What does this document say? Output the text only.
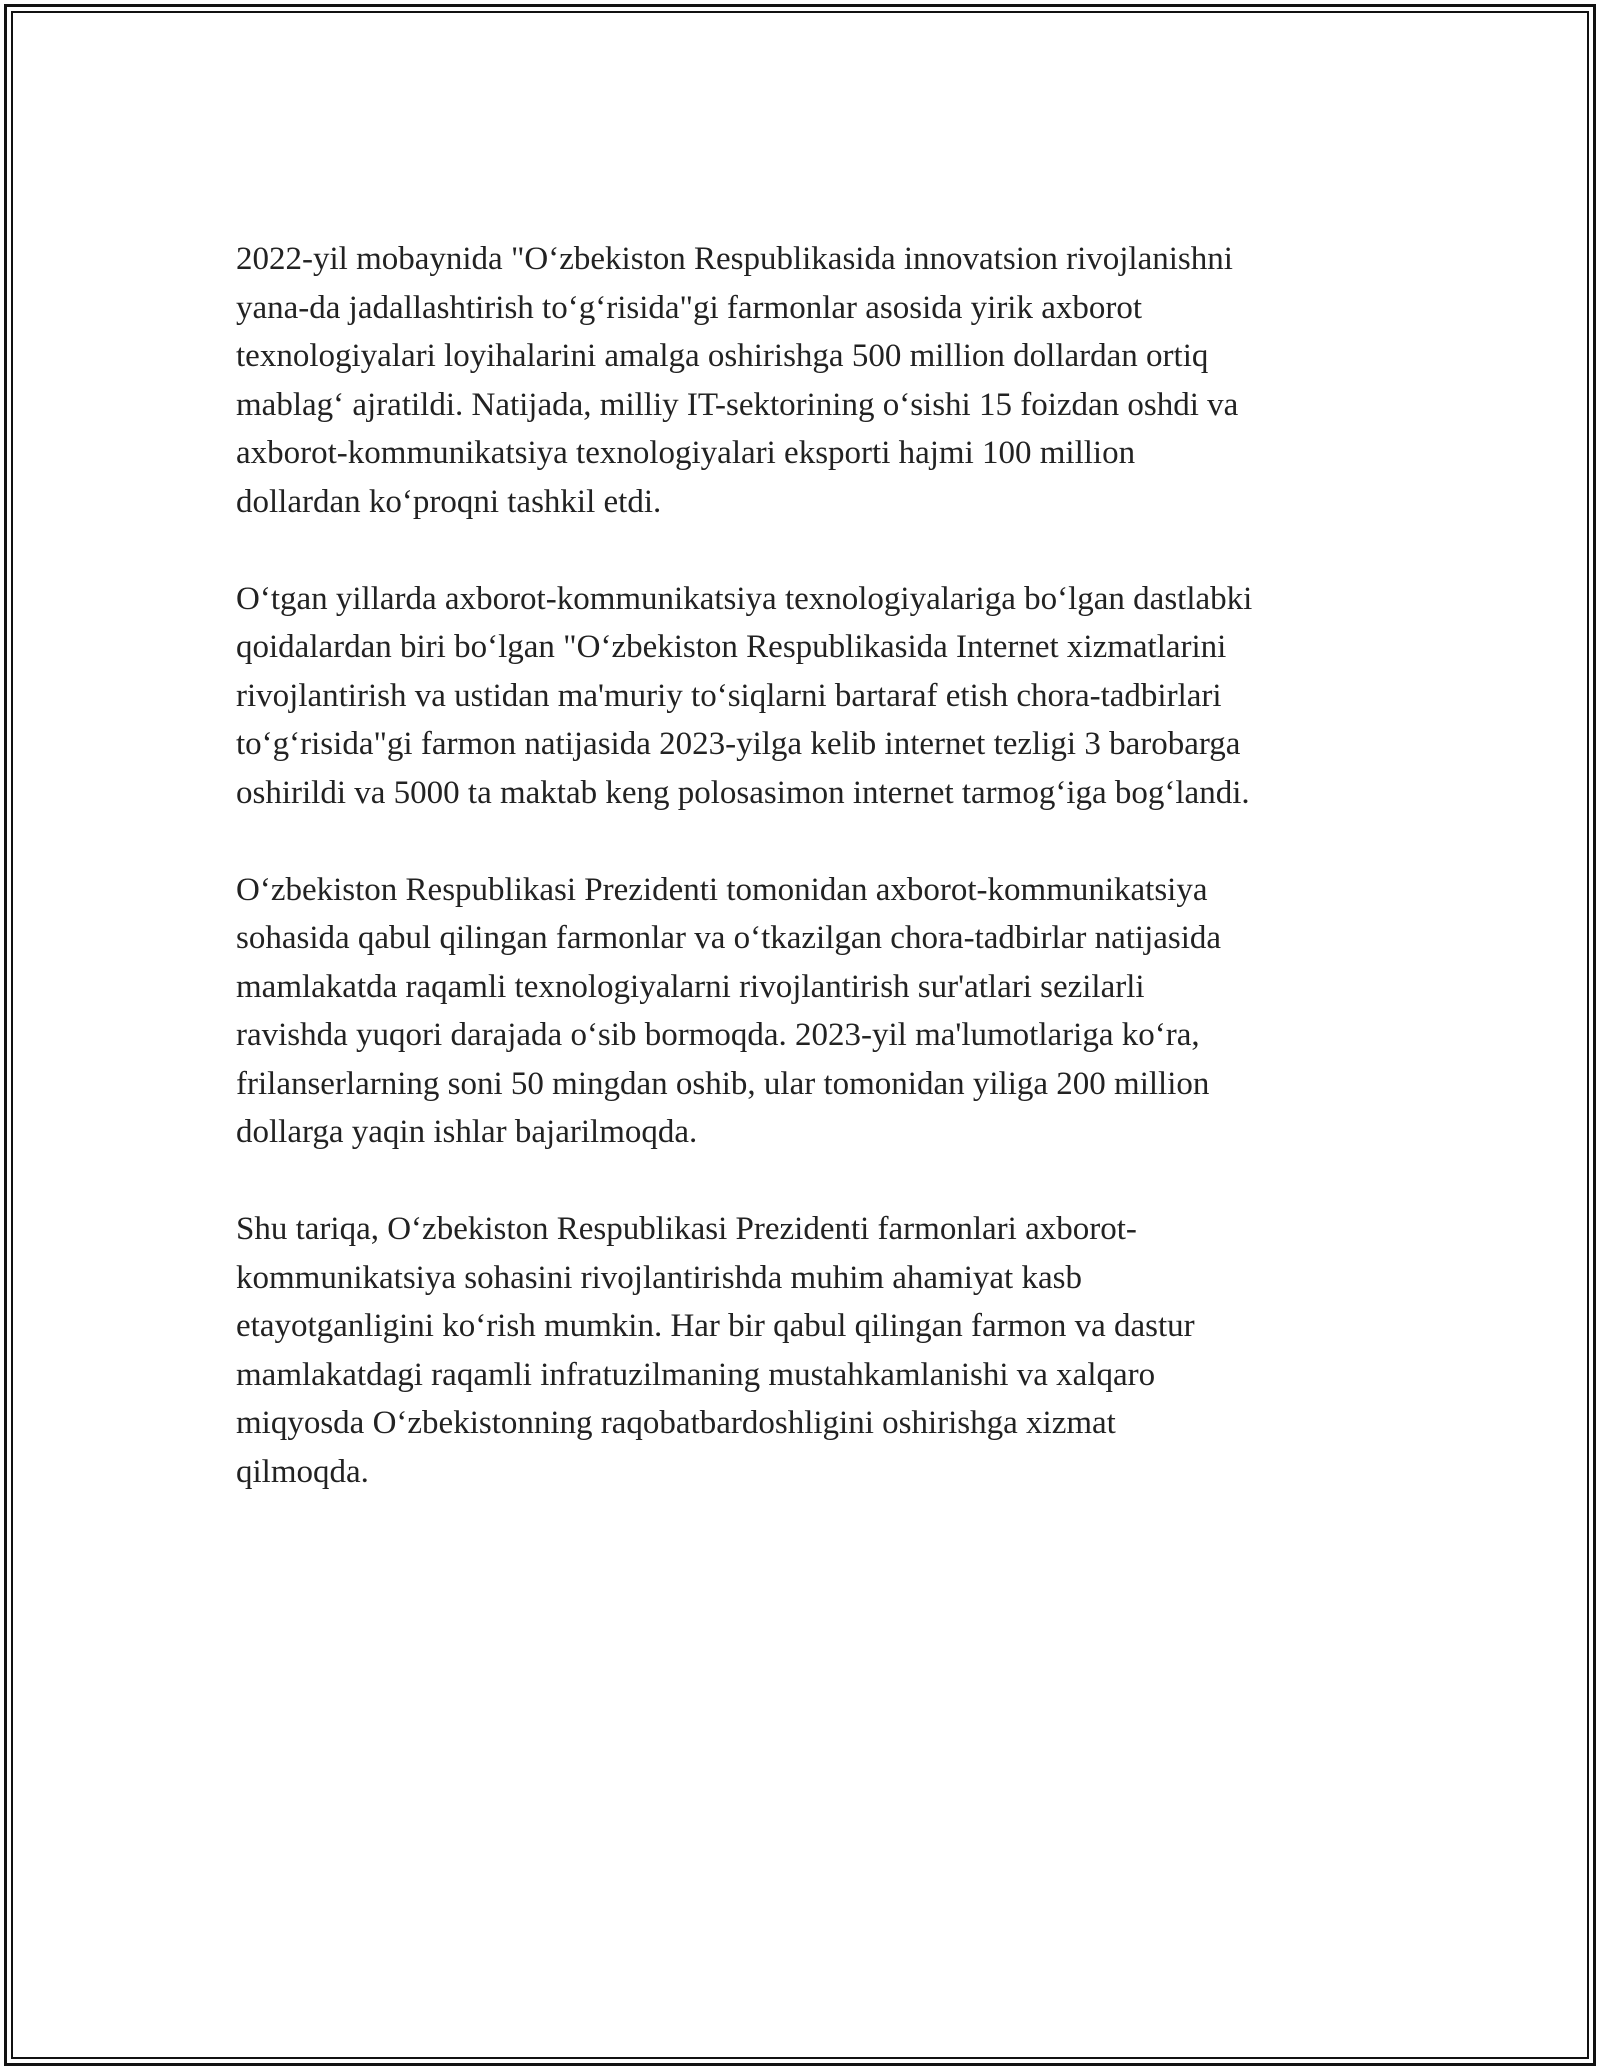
2022-yil mobaynida "O‘zbekiston Respublikasida innovatsion rivojlanishni
yana-da jadallashtirish to‘g‘risida"gi farmonlar asosida yirik axborot
texnologiyalari loyihalarini amalga oshirishga 500 million dollardan ortiq
mablag‘ ajratildi. Natijada, milliy IT-sektorining o‘sishi 15 foizdan oshdi va
axborot-kommunikatsiya texnologiyalari eksporti hajmi 100 million
dollardan ko‘proqni tashkil etdi.
O‘tgan yillarda axborot-kommunikatsiya texnologiyalariga bo‘lgan dastlabki
qoidalardan biri bo‘lgan "O‘zbekiston Respublikasida Internet xizmatlarini
rivojlantirish va ustidan ma'muriy to‘siqlarni bartaraf etish chora-tadbirlari
to‘g‘risida"gi farmon natijasida 2023-yilga kelib internet tezligi 3 barobarga
oshirildi va 5000 ta maktab keng polosasimon internet tarmog‘iga bog‘landi.
O‘zbekiston Respublikasi Prezidenti tomonidan axborot-kommunikatsiya
sohasida qabul qilingan farmonlar va o‘tkazilgan chora-tadbirlar natijasida
mamlakatda raqamli texnologiyalarni rivojlantirish sur'atlari sezilarli
ravishda yuqori darajada o‘sib bormoqda. 2023-yil ma'lumotlariga ko‘ra,
frilanserlarning soni 50 mingdan oshib, ular tomonidan yiliga 200 million
dollarga yaqin ishlar bajarilmoqda.
Shu tariqa, O‘zbekiston Respublikasi Prezidenti farmonlari axborot-
kommunikatsiya sohasini rivojlantirishda muhim ahamiyat kasb
etayotganligini ko‘rish mumkin. Har bir qabul qilingan farmon va dastur
mamlakatdagi raqamli infratuzilmaning mustahkamlanishi va xalqaro
miqyosda O‘zbekistonning raqobatbardoshligini oshirishga xizmat
qilmoqda.
